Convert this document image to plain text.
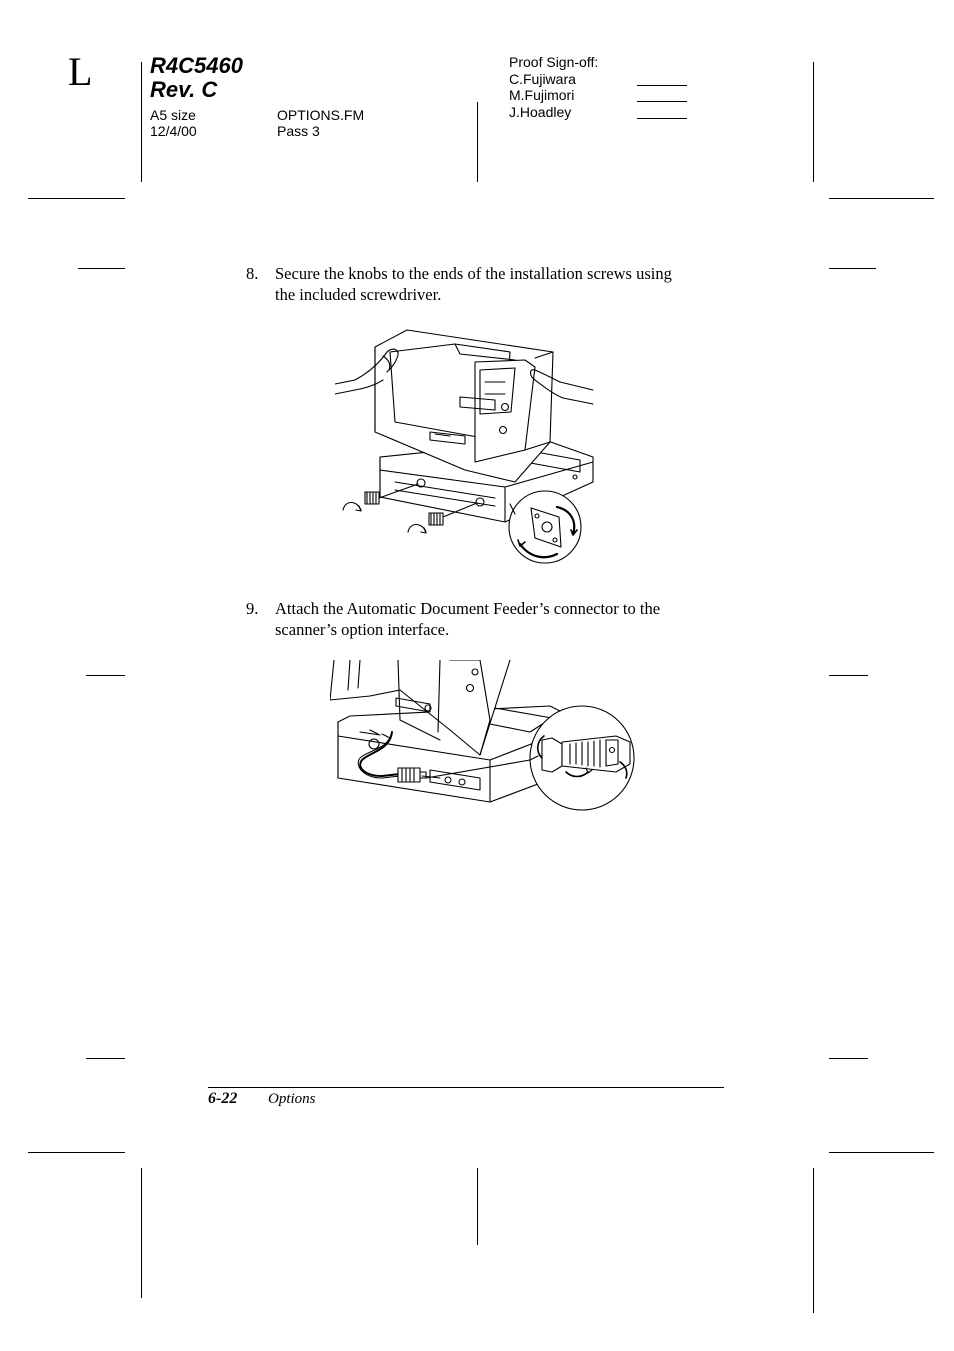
L	R4C5460
Rev. C
A5 size
12/4/00
OPTIONS.FM
Pass 3
Proof Sign-off:
C.Fujiwara
M.Fujimori
J.Hoadley
8.	Secure the knobs to the ends of the installation screws using
the included screwdriver.
9.	Attach the Automatic Document Feeder’s connector to the
scanner’s option interface.
6-22 Options
